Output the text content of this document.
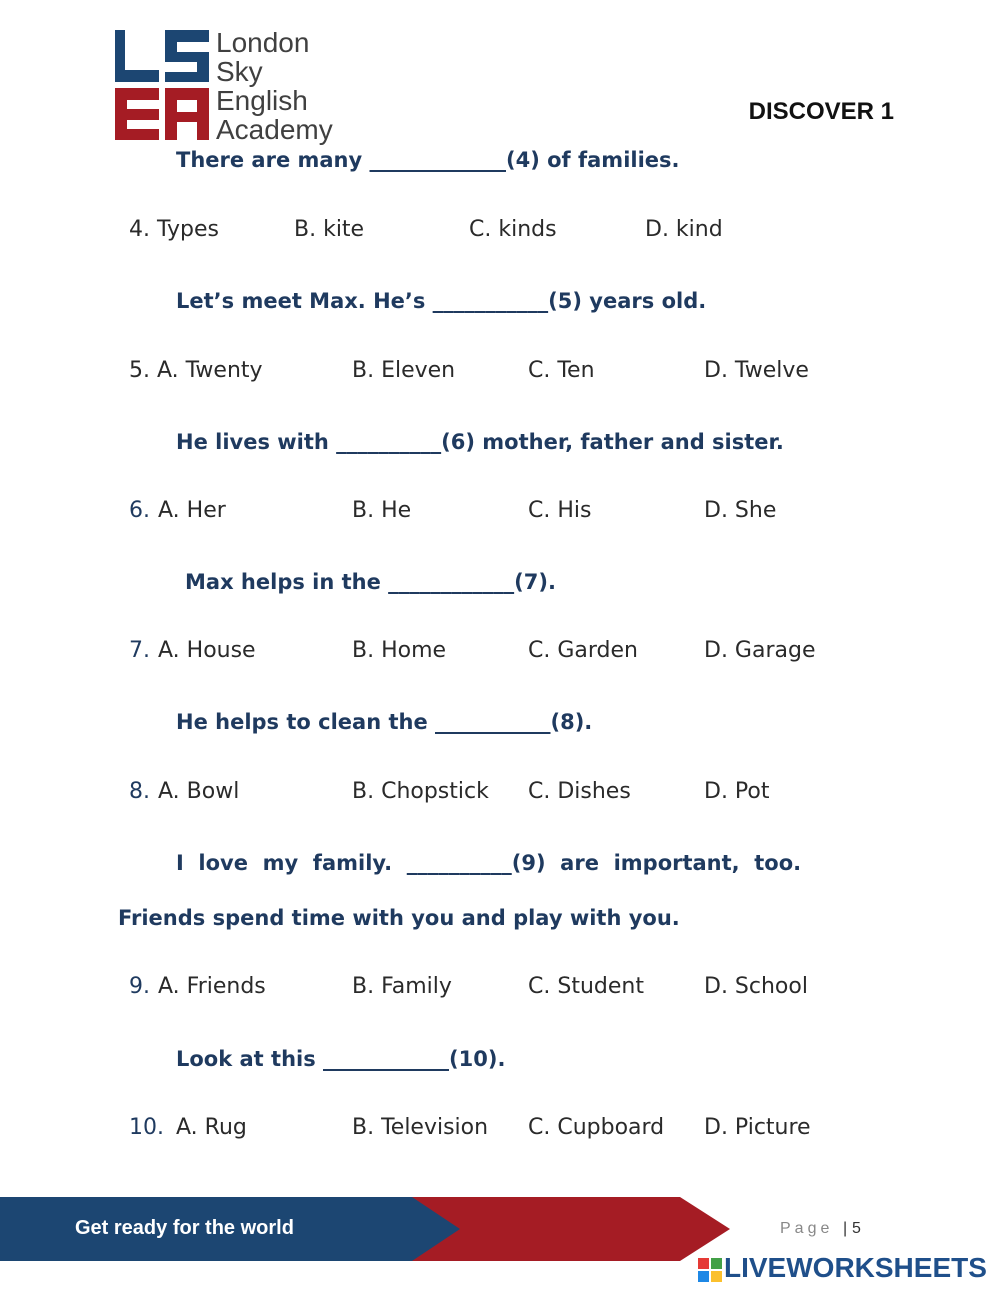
London
Sky
English
Academy
DISCOVER 1
There are many _____________(4) of families.
4. Types	B. kite	C. kinds	D. kind
Let’s meet Max. He’s ___________(5) years old.
5. A. Twenty	B. Eleven	C. Ten	D. Twelve
He lives with __________(6) mother, father and sister.
6. A. Her	B. He	C. His	D. She
Max helps in the ____________(7).
7. A. House	B. Home	C. Garden	D. Garage
He helps to clean the ___________(8).
8. A. Bowl	B. Chopstick C. Dishes	D. Pot
I  love  my  family.  __________(9)  are  important,  too.
Friends spend time with you and play with you.
9. A. Friends	B. Family	C. Student	D. School
Look at this ____________(10).
10. A. Rug	B. Television C. Cupboard D. Picture
Get ready for the world	Page | 5
LIVEWORKSHEETS
